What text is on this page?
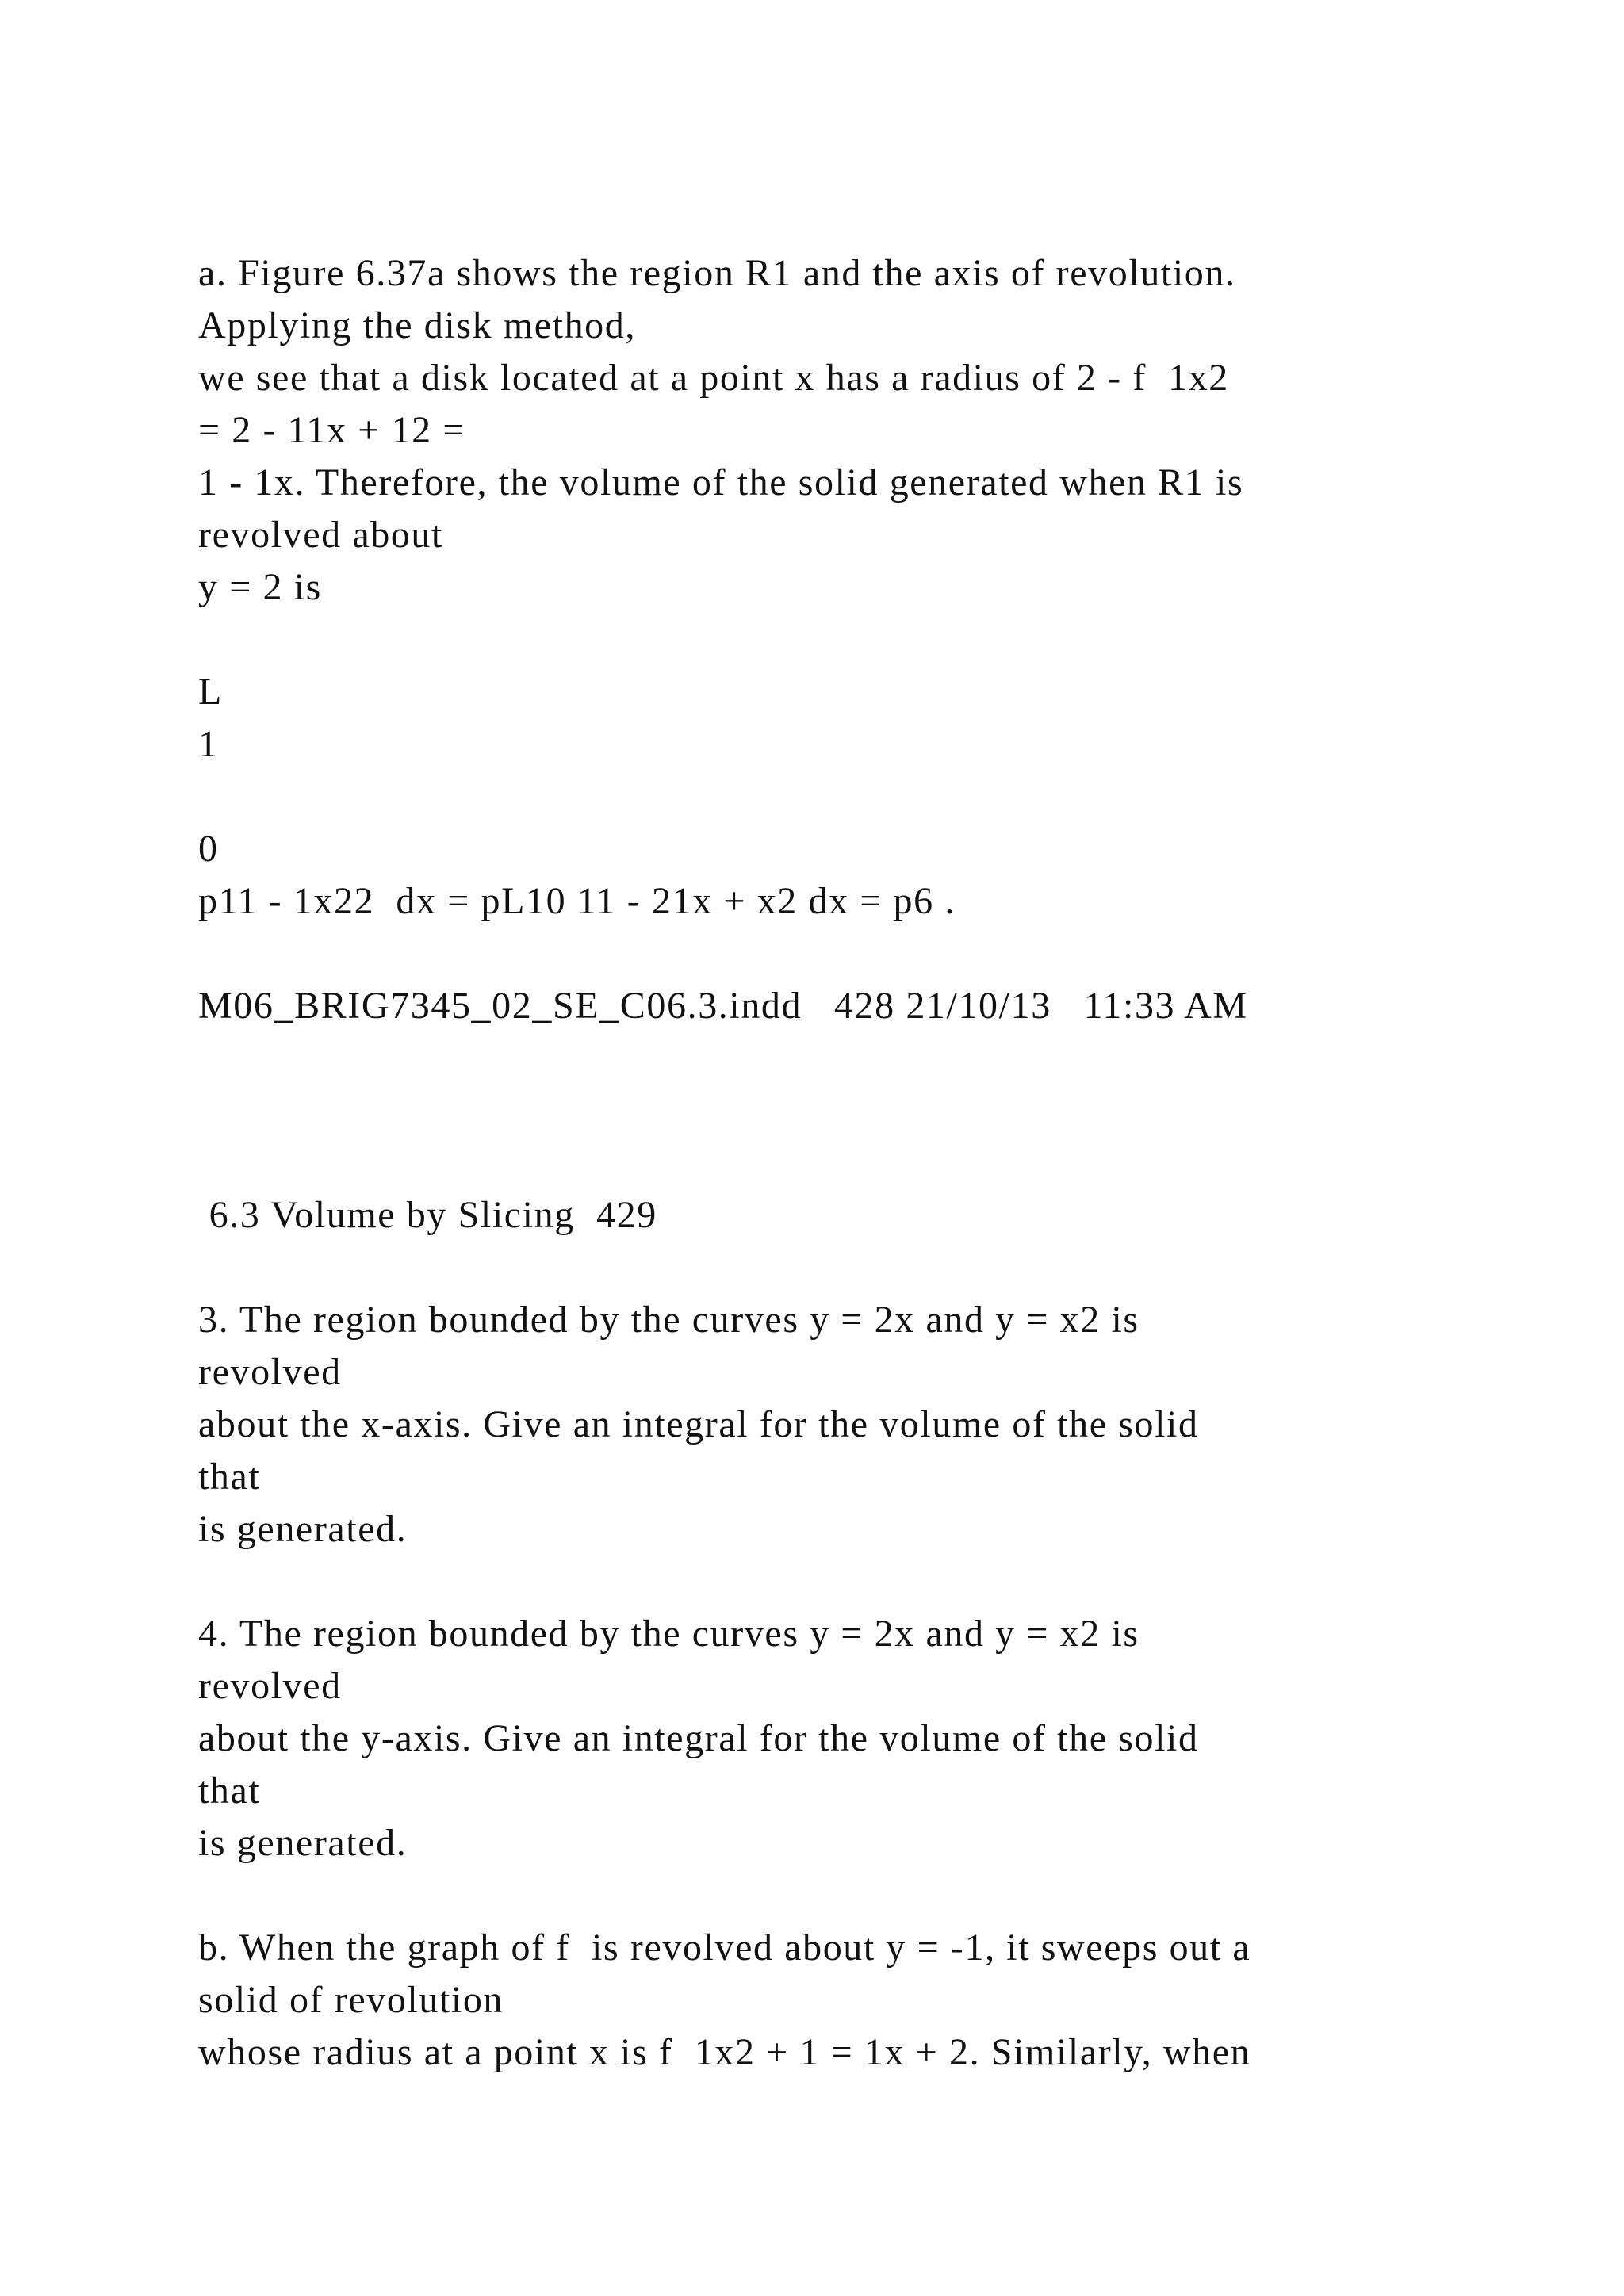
a. Figure 6.37a shows the region R1 and the axis of revolution.

Applying the disk method,

we see that a disk located at a point x has a radius of 2 - f  1x2

= 2 - 11x + 12 =

1 - 1x. Therefore, the volume of the solid generated when R1 is

revolved about

y = 2 is

L

1

0

p11 - 1x22  dx = pL10 11 - 21x + x2 dx = p6 .

M06_BRIG7345_02_SE_C06.3.indd   428 21/10/13   11:33 AM

6.3 Volume by Slicing  429

3. The region bounded by the curves y = 2x and y = x2 is

revolved

about the x-axis. Give an integral for the volume of the solid

that

is generated.

4. The region bounded by the curves y = 2x and y = x2 is

revolved

about the y-axis. Give an integral for the volume of the solid

that

is generated.

b. When the graph of f  is revolved about y = -1, it sweeps out a

solid of revolution

whose radius at a point x is f  1x2 + 1 = 1x + 2. Similarly, when
